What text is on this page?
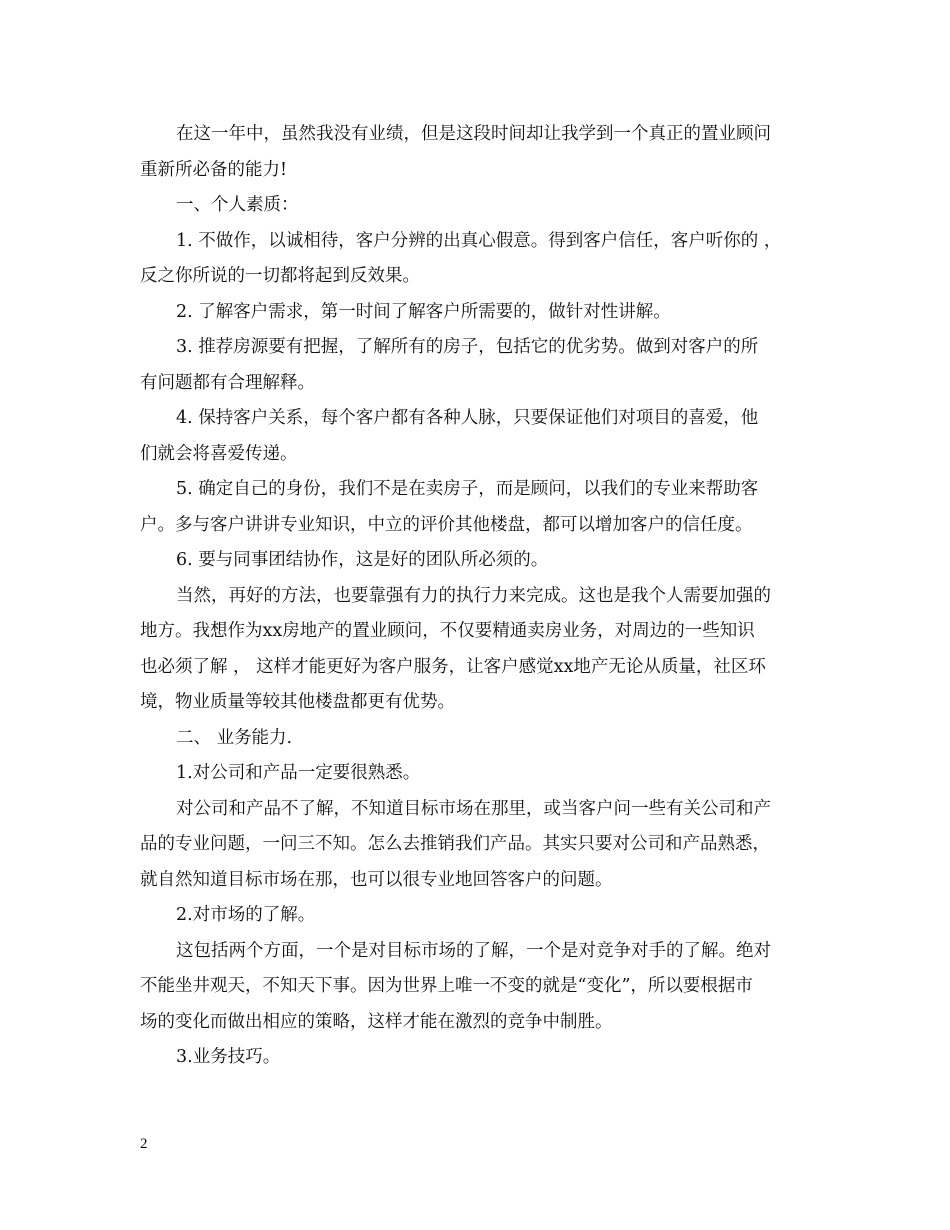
在这一年中，虽然我没有业绩，但是这段时间却让我学到一个真正的置业顾问
重新所必备的能力!
一、个人素质：
1. 不做作，以诚相待，客户分辨的出真心假意。得到客户信任，客户听你的 ，
反之你所说的一切都将起到反效果。
2. 了解客户需求，第一时间了解客户所需要的，做针对性讲解。
3. 推荐房源要有把握，了解所有的房子，包括它的优劣势。做到对客户的所
有问题都有合理解释。
4. 保持客户关系，每个客户都有各种人脉，只要保证他们对项目的喜爱，他
们就会将喜爱传递。
5. 确定自己的身份，我们不是在卖房子，而是顾问，以我们的专业来帮助客
户。多与客户讲讲专业知识，中立的评价其他楼盘，都可以增加客户的信任度。
6. 要与同事团结协作，这是好的团队所必须的。
当然，再好的方法，也要靠强有力的执行力来完成。这也是我个人需要加强的
地方。我想作为xx房地产的置业顾问，不仅要精通卖房业务，对周边的一些知识
也必须了解 ， 这样才能更好为客户服务，让客户感觉xx地产无论从质量，社区环
境，物业质量等较其他楼盘都更有优势。
二、 业务能力.
1.对公司和产品一定要很熟悉。
对公司和产品不了解，不知道目标市场在那里，或当客户问一些有关公司和产
品的专业问题，一问三不知。怎么去推销我们产品。其实只要对公司和产品熟悉，
就自然知道目标市场在那，也可以很专业地回答客户的问题。
2.对市场的了解。
这包括两个方面，一个是对目标市场的了解，一个是对竞争对手的了解。绝对
不能坐井观天，不知天下事。因为世界上唯一不变的就是“变化”，所以要根据市
场的变化而做出相应的策略，这样才能在激烈的竞争中制胜。
3.业务技巧。
2
